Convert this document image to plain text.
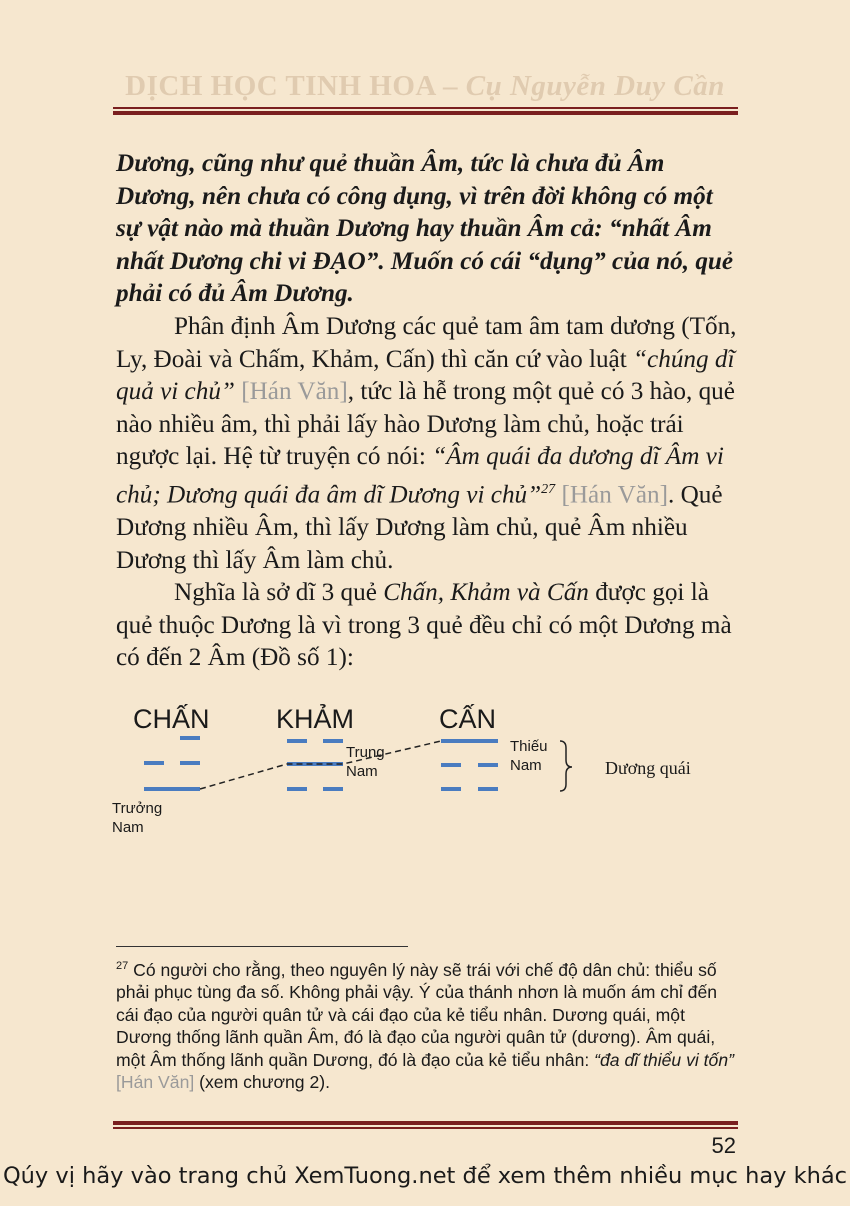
DỊCH HỌC TINH HOA – Cụ Nguyễn Duy Cần
Dương, cũng như quẻ thuần Âm, tức là chưa đủ Âm Dương, nên chưa có công dụng, vì trên đời không có một sự vật nào mà thuần Dương hay thuần Âm cả: “nhất Âm nhất Dương chi vi ĐẠO”. Muốn có cái “dụng” của nó, quẻ phải có đủ Âm Dương.
Phân định Âm Dương các quẻ tam âm tam dương (Tốn, Ly, Đoài và Chấm, Khảm, Cấn) thì căn cứ vào luật “chúng dĩ quả vi chủ” [Hán Văn], tức là hễ trong một quẻ có 3 hào, quẻ nào nhiều âm, thì phải lấy hào Dương làm chủ, hoặc trái ngược lại. Hệ từ truyện có nói: “Âm quái đa dương dĩ Âm vi chủ; Dương quái đa âm dĩ Dương vi chủ”$^{27}$ [Hán Văn]. Quẻ Dương nhiều Âm, thì lấy Dương làm chủ, quẻ Âm nhiều Dương thì lấy Âm làm chủ.
Nghĩa là sở dĩ 3 quẻ Chấn, Khảm và Cấn được gọi là quẻ thuộc Dương là vì trong 3 quẻ đều chỉ có một Dương mà có đến 2 Âm (Đồ số 1):
CHẤN KHẢM	CẤN
Trưởng
Nam
Trung
Nam
Thiếu
Nam	Dương quái
$^{27}$ Có người cho rằng, theo nguyên lý này sẽ trái với chế độ dân chủ: thiểu số phải phục tùng đa số. Không phải vậy. Ý của thánh nhơn là muốn ám chỉ đến cái đạo của người quân tử và cái đạo của kẻ tiểu nhân. Dương quái, một Dương thống lãnh quần Âm, đó là đạo của người quân tử (dương). Âm quái, một Âm thống lãnh quần Dương, đó là đạo của kẻ tiểu nhân: “đa dĩ thiểu vi tốn” [Hán Văn] (xem chương 2).
52
Qúy vị hãy vào trang chủ XemTuong.net để xem thêm nhiều mục hay khác
